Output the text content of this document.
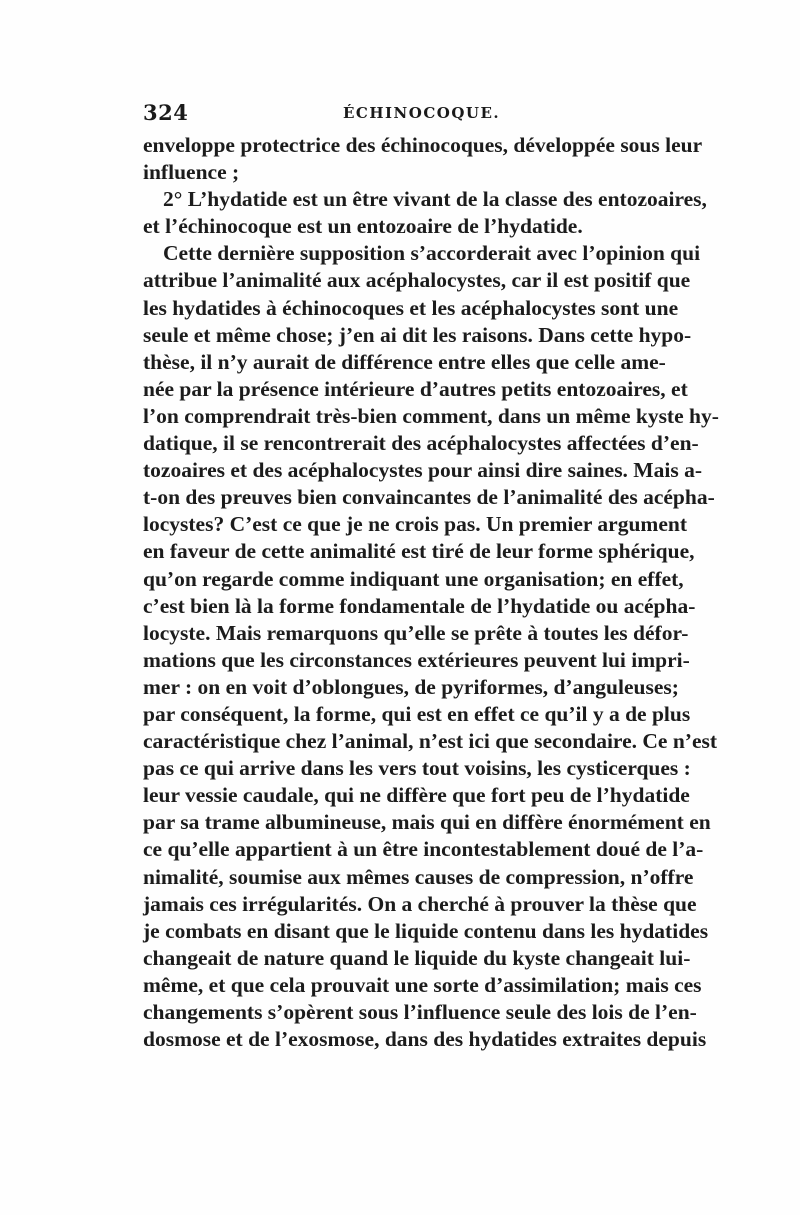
324	ÉCHINOCOQUE.
enveloppe protectrice des échinocoques, développée sous leur
influence ;
2° L’hydatide est un être vivant de la classe des entozoaires,
et l’échinocoque est un entozoaire de l’hydatide.
Cette dernière supposition s’accorderait avec l’opinion qui
attribue l’animalité aux acéphalocystes, car il est positif que
les hydatides à échinocoques et les acéphalocystes sont une
seule et même chose; j’en ai dit les raisons. Dans cette hypo-
thèse, il n’y aurait de différence entre elles que celle ame-
née par la présence intérieure d’autres petits entozoaires, et
l’on comprendrait très-bien comment, dans un même kyste hy-
datique, il se rencontrerait des acéphalocystes affectées d’en-
tozoaires et des acéphalocystes pour ainsi dire saines. Mais a-
t-on des preuves bien convaincantes de l’animalité des acépha-
locystes? C’est ce que je ne crois pas. Un premier argument
en faveur de cette animalité est tiré de leur forme sphérique,
qu’on regarde comme indiquant une organisation; en effet,
c’est bien là la forme fondamentale de l’hydatide ou acépha-
locyste. Mais remarquons qu’elle se prête à toutes les défor-
mations que les circonstances extérieures peuvent lui impri-
mer : on en voit d’oblongues, de pyriformes, d’anguleuses;
par conséquent, la forme, qui est en effet ce qu’il y a de plus
caractéristique chez l’animal, n’est ici que secondaire. Ce n’est
pas ce qui arrive dans les vers tout voisins, les cysticerques :
leur vessie caudale, qui ne diffère que fort peu de l’hydatide
par sa trame albumineuse, mais qui en diffère énormément en
ce qu’elle appartient à un être incontestablement doué de l’a-
nimalité, soumise aux mêmes causes de compression, n’offre
jamais ces irrégularités. On a cherché à prouver la thèse que
je combats en disant que le liquide contenu dans les hydatides
changeait de nature quand le liquide du kyste changeait lui-
même, et que cela prouvait une sorte d’assimilation; mais ces
changements s’opèrent sous l’influence seule des lois de l’en-
dosmose et de l’exosmose, dans des hydatides extraites depuis
